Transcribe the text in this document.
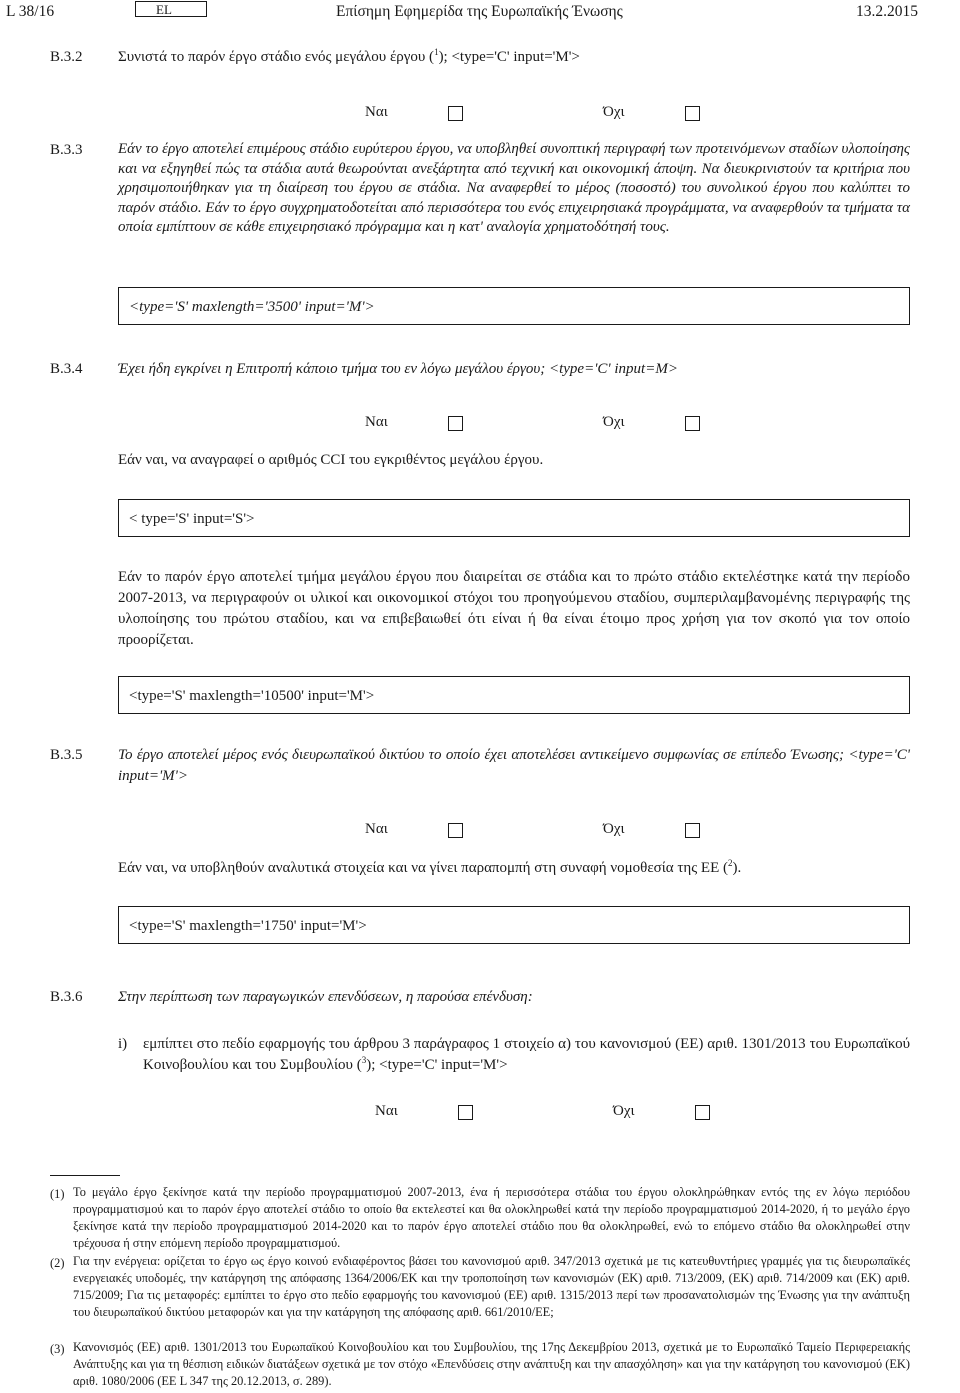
L 38/16	EL	Επίσημη Εφημερίδα της Ευρωπαϊκής Ένωσης	13.2.2015
B.3.2 Συνιστά το παρόν έργο στάδιο ενός μεγάλου έργου ($^1$); <type='C' input='M'>
Ναι	Όχι
B.3.3 Εάν το έργο αποτελεί επιμέρους στάδιο ευρύτερου έργου, να υποβληθεί συνοπτική περιγραφή των προτεινόμενων σταδίων υλοποίησης και να εξηγηθεί πώς τα στάδια αυτά θεωρούνται ανεξάρτητα από τεχνική και οικονομική άποψη. Να διευκρινιστούν τα κριτήρια που χρησιμοποιήθηκαν για τη διαίρεση του έργου σε στάδια. Να αναφερθεί το μέρος (ποσοστό) του συνολικού έργου που καλύπτει το παρόν στάδιο. Εάν το έργο συγχρηματοδοτείται από περισσότερα του ενός επιχειρησιακά προγράμματα, να αναφερθούν τα τμήματα τα οποία εμπίπτουν σε κάθε επιχειρησιακό πρόγραμμα και η κατ' αναλογία χρηματοδότησή τους.
<type='S' maxlength='3500' input='M'>
B.3.4 Έχει ήδη εγκρίνει η Επιτροπή κάποιο τμήμα του εν λόγω μεγάλου έργου; <type='C' input=M>
Ναι	Όχι
Εάν ναι, να αναγραφεί ο αριθμός CCI του εγκριθέντος μεγάλου έργου.
< type='S' input='S'>
Εάν το παρόν έργο αποτελεί τμήμα μεγάλου έργου που διαιρείται σε στάδια και το πρώτο στάδιο εκτελέστηκε κατά την περίοδο 2007-2013, να περιγραφούν οι υλικοί και οικονομικοί στόχοι του προηγούμενου σταδίου, συμπεριλαμβανομένης περιγραφής της υλοποίησης του πρώτου σταδίου, και να επιβεβαιωθεί ότι είναι ή θα είναι έτοιμο προς χρήση για τον σκοπό για τον οποίο προορίζεται.
<type='S' maxlength='10500' input='M'>
B.3.5 Το έργο αποτελεί μέρος ενός διευρωπαϊκού δικτύου το οποίο έχει αποτελέσει αντικείμενο συμφωνίας σε επίπεδο Ένωσης; <type='C' input='M'>
Ναι	Όχι
Εάν ναι, να υποβληθούν αναλυτικά στοιχεία και να γίνει παραπομπή στη συναφή νομοθεσία της ΕΕ ($^2$).
<type='S' maxlength='1750' input='M'>
B.3.6 Στην περίπτωση των παραγωγικών επενδύσεων, η παρούσα επένδυση:
i) εμπίπτει στο πεδίο εφαρμογής του άρθρου 3 παράγραφος 1 στοιχείο α) του κανονισμού (ΕΕ) αριθ. 1301/2013 του Ευρωπαϊκού Κοινοβουλίου και του Συμβουλίου ($^3$); <type='C' input='M'>
Ναι	Όχι
(1) Το μεγάλο έργο ξεκίνησε κατά την περίοδο προγραμματισμού 2007-2013, ένα ή περισσότερα στάδια του έργου ολοκληρώθηκαν εντός της εν λόγω περιόδου προγραμματισμού και το παρόν έργο αποτελεί στάδιο το οποίο θα εκτελεστεί και θα ολοκληρωθεί κατά την περίοδο προγραμματισμού 2014-2020, ή το μεγάλο έργο ξεκίνησε κατά την περίοδο προγραμματισμού 2014-2020 και το παρόν έργο αποτελεί στάδιο που θα ολοκληρωθεί, ενώ το επόμενο στάδιο θα ολοκληρωθεί στην τρέχουσα ή στην επόμενη περίοδο προγραμματισμού.
(2) Για την ενέργεια: ορίζεται το έργο ως έργο κοινού ενδιαφέροντος βάσει του κανονισμού αριθ. 347/2013 σχετικά με τις κατευθυντήριες γραμμές για τις διευρωπαϊκές ενεργειακές υποδομές, την κατάργηση της απόφασης 1364/2006/ΕΚ και την τροποποίηση των κανονισμών (ΕΚ) αριθ. 713/2009, (ΕΚ) αριθ. 714/2009 και (ΕΚ) αριθ. 715/2009; Για τις μεταφορές: εμπίπτει το έργο στο πεδίο εφαρμογής του κανονισμού (ΕΕ) αριθ. 1315/2013 περί των προσανατολισμών της Ένωσης για την ανάπτυξη του διευρωπαϊκού δικτύου μεταφορών και για την κατάργηση της απόφασης αριθ. 661/2010/ΕΕ;
(3) Κανονισμός (ΕΕ) αριθ. 1301/2013 του Ευρωπαϊκού Κοινοβουλίου και του Συμβουλίου, της 17ης Δεκεμβρίου 2013, σχετικά με το Ευρωπαϊκό Ταμείο Περιφερειακής Ανάπτυξης και για τη θέσπιση ειδικών διατάξεων σχετικά με τον στόχο «Επενδύσεις στην ανάπτυξη και την απασχόληση» και για την κατάργηση του κανονισμού (ΕΚ) αριθ. 1080/2006 (ΕΕ L 347 της 20.12.2013, σ. 289).
